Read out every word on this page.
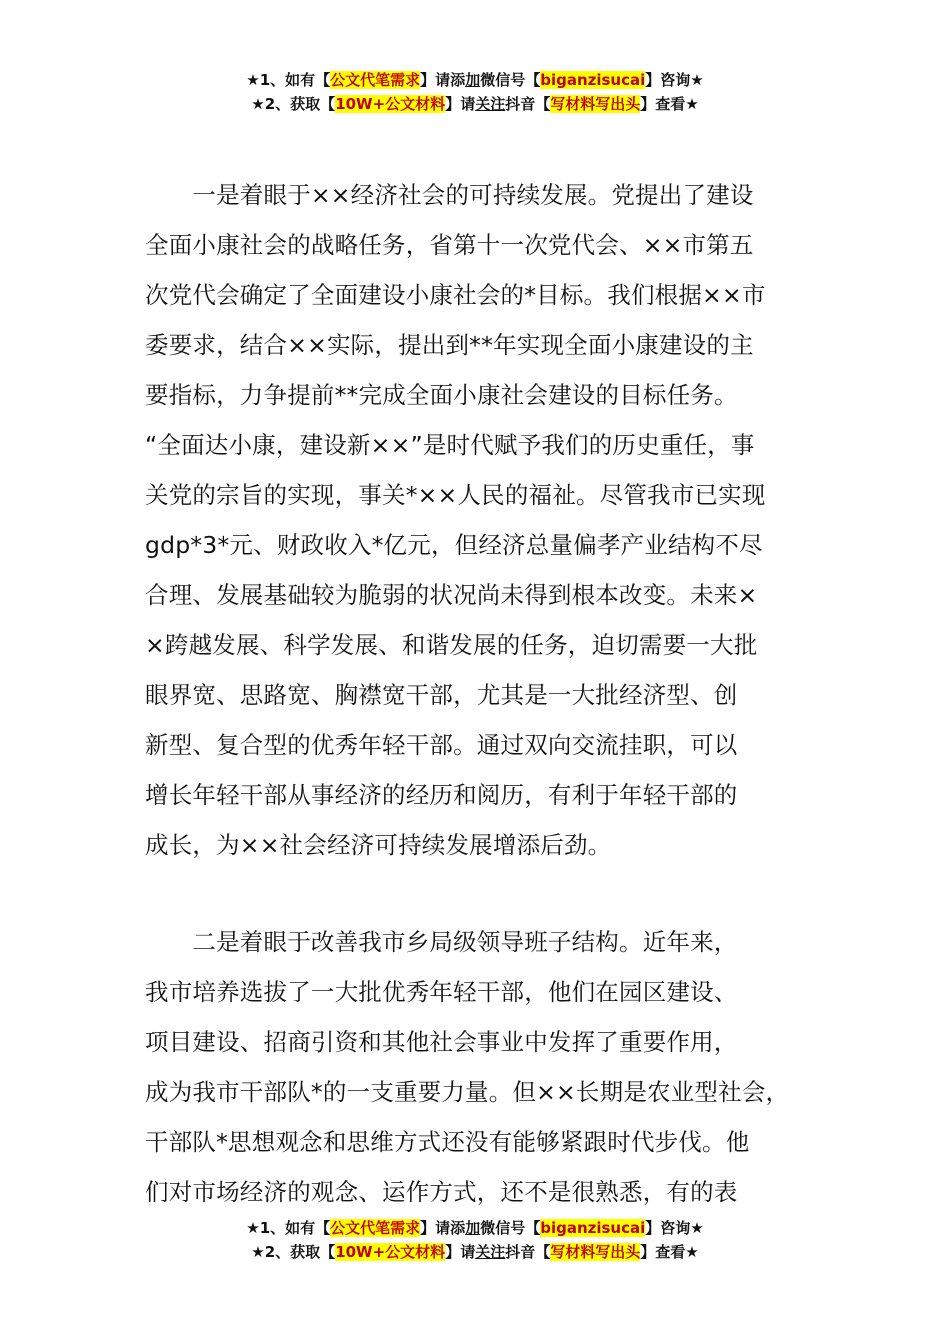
★1、如有【公文代笔需求】请添加微信号【biganzisucai】咨询★
★2、获取【10W+公文材料】请关注抖音【写材料写出头】查看★
　　一是着眼于××经济社会的可持续发展。党提出了建设
全面小康社会的战略任务，省第十一次党代会、××市第五
次党代会确定了全面建设小康社会的*目标。我们根据××市
委要求，结合××实际，提出到**年实现全面小康建设的主
要指标，力争提前**完成全面小康社会建设的目标任务。
“全面达小康，建设新××”是时代赋予我们的历史重任，事
关党的宗旨的实现，事关*××人民的福祉。尽管我市已实现
gdp*3*元、财政收入*亿元，但经济总量偏孝产业结构不尽
合理、发展基础较为脆弱的状况尚未得到根本改变。未来×
×跨越发展、科学发展、和谐发展的任务，迫切需要一大批
眼界宽、思路宽、胸襟宽干部，尤其是一大批经济型、创
新型、复合型的优秀年轻干部。通过双向交流挂职，可以
增长年轻干部从事经济的经历和阅历，有利于年轻干部的
成长，为××社会经济可持续发展增添后劲。
　　二是着眼于改善我市乡局级领导班子结构。近年来，
我市培养选拔了一大批优秀年轻干部，他们在园区建设、
项目建设、招商引资和其他社会事业中发挥了重要作用，
成为我市干部队*的一支重要力量。但××长期是农业型社会，
干部队*思想观念和思维方式还没有能够紧跟时代步伐。他
们对市场经济的观念、运作方式，还不是很熟悉，有的表
★1、如有【公文代笔需求】请添加微信号【biganzisucai】咨询★
★2、获取【10W+公文材料】请关注抖音【写材料写出头】查看★
